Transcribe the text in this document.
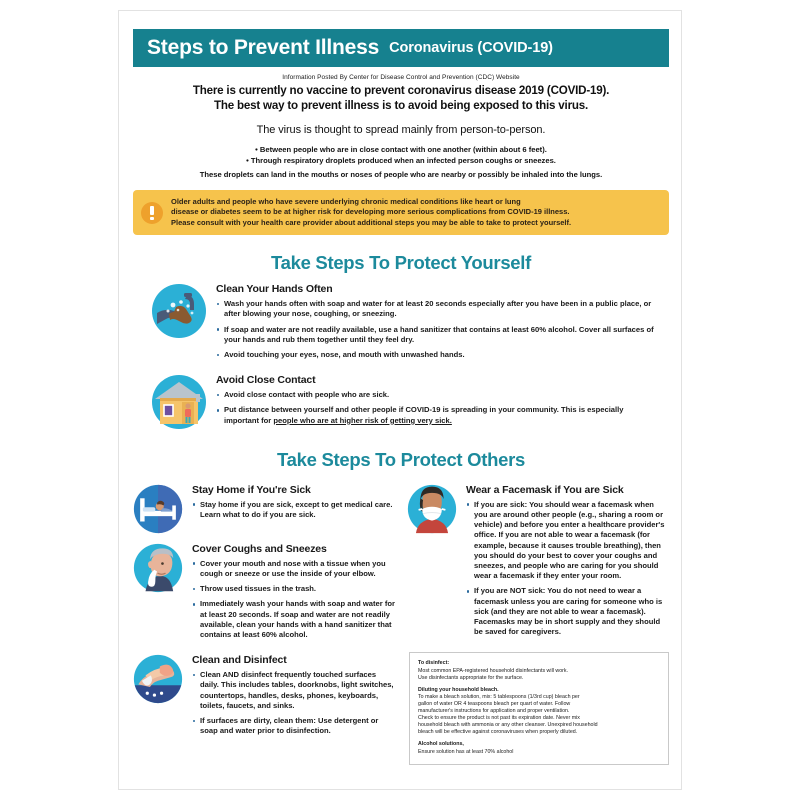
Steps to Prevent Illness Coronavirus (COVID-19)
Information Posted By Center for Disease Control and Prevention (CDC) Website
There is currently no vaccine to prevent coronavirus disease 2019 (COVID-19).
The best way to prevent illness is to avoid being exposed to this virus.
The virus is thought to spread mainly from person-to-person.
• Between people who are in close contact with one another (within about 6 feet).
• Through respiratory droplets produced when an infected person coughs or sneezes.
These droplets can land in the mouths or noses of people who are nearby or possibly be inhaled into the lungs.
Older adults and people who have severe underlying chronic medical conditions like heart or lung
disease or diabetes seem to be at higher risk for developing more serious complications from COVID-19 illness.
Please consult with your health care provider about additional steps you may be able to take to protect yourself.
Take Steps To Protect Yourself
Clean Your Hands Often
Wash your hands often with soap and water for at least 20 seconds especially after you have been in a public place, or after blowing your nose, coughing, or sneezing.
If soap and water are not readily available, use a hand sanitizer that contains at least 60% alcohol. Cover all surfaces of your hands and rub them together until they feel dry.
Avoid touching your eyes, nose, and mouth with unwashed hands.
Avoid Close Contact
Avoid close contact with people who are sick.
Put distance between yourself and other people if COVID-19 is spreading in your community. This is especially important for people who are at higher risk of getting very sick.
Take Steps To Protect Others
Stay Home if You're Sick
Stay home if you are sick, except to get medical care. Learn what to do if you are sick.
Cover Coughs and Sneezes
Cover your mouth and nose with a tissue when you cough or sneeze or use the inside of your elbow.
Throw used tissues in the trash.
Immediately wash your hands with soap and water for at least 20 seconds. If soap and water are not readily available, clean your hands with a hand sanitizer that contains at least 60% alcohol.
Clean and Disinfect
Clean AND disinfect frequently touched surfaces daily. This includes tables, doorknobs, light switches, countertops, handles, desks, phones, keyboards, toilets, faucets, and sinks.
If surfaces are dirty, clean them: Use detergent or soap and water prior to disinfection.
Wear a Facemask if You are Sick
If you are sick: You should wear a facemask when you are around other people (e.g., sharing a room or vehicle) and before you enter a healthcare provider's office. If you are not able to wear a facemask (for example, because it causes trouble breathing), then you should do your best to cover your coughs and sneezes, and people who are caring for you should wear a facemask if they enter your room.
If you are NOT sick: You do not need to wear a facemask unless you are caring for someone who is sick (and they are not able to wear a facemask). Facemasks may be in short supply and they should be saved for caregivers.

To disinfect:

Most common EPA-registered household disinfectants will work.

Use disinfectants appropriate for the surface.

Diluting your household bleach.

To make a bleach solution, mix: 5 tablespoons (1/3rd cup) bleach per

gallon of water OR 4 teaspoons bleach per quart of water. Follow

manufacturer's instructions for application and proper ventilation.

Check to ensure the product is not past its expiration date. Never mix

household bleach with ammonia or any other cleanser. Unexpired household

bleach will be effective against coronaviruses when properly diluted.

Alcohol solutions,

Ensure solution has at least 70% alcohol
